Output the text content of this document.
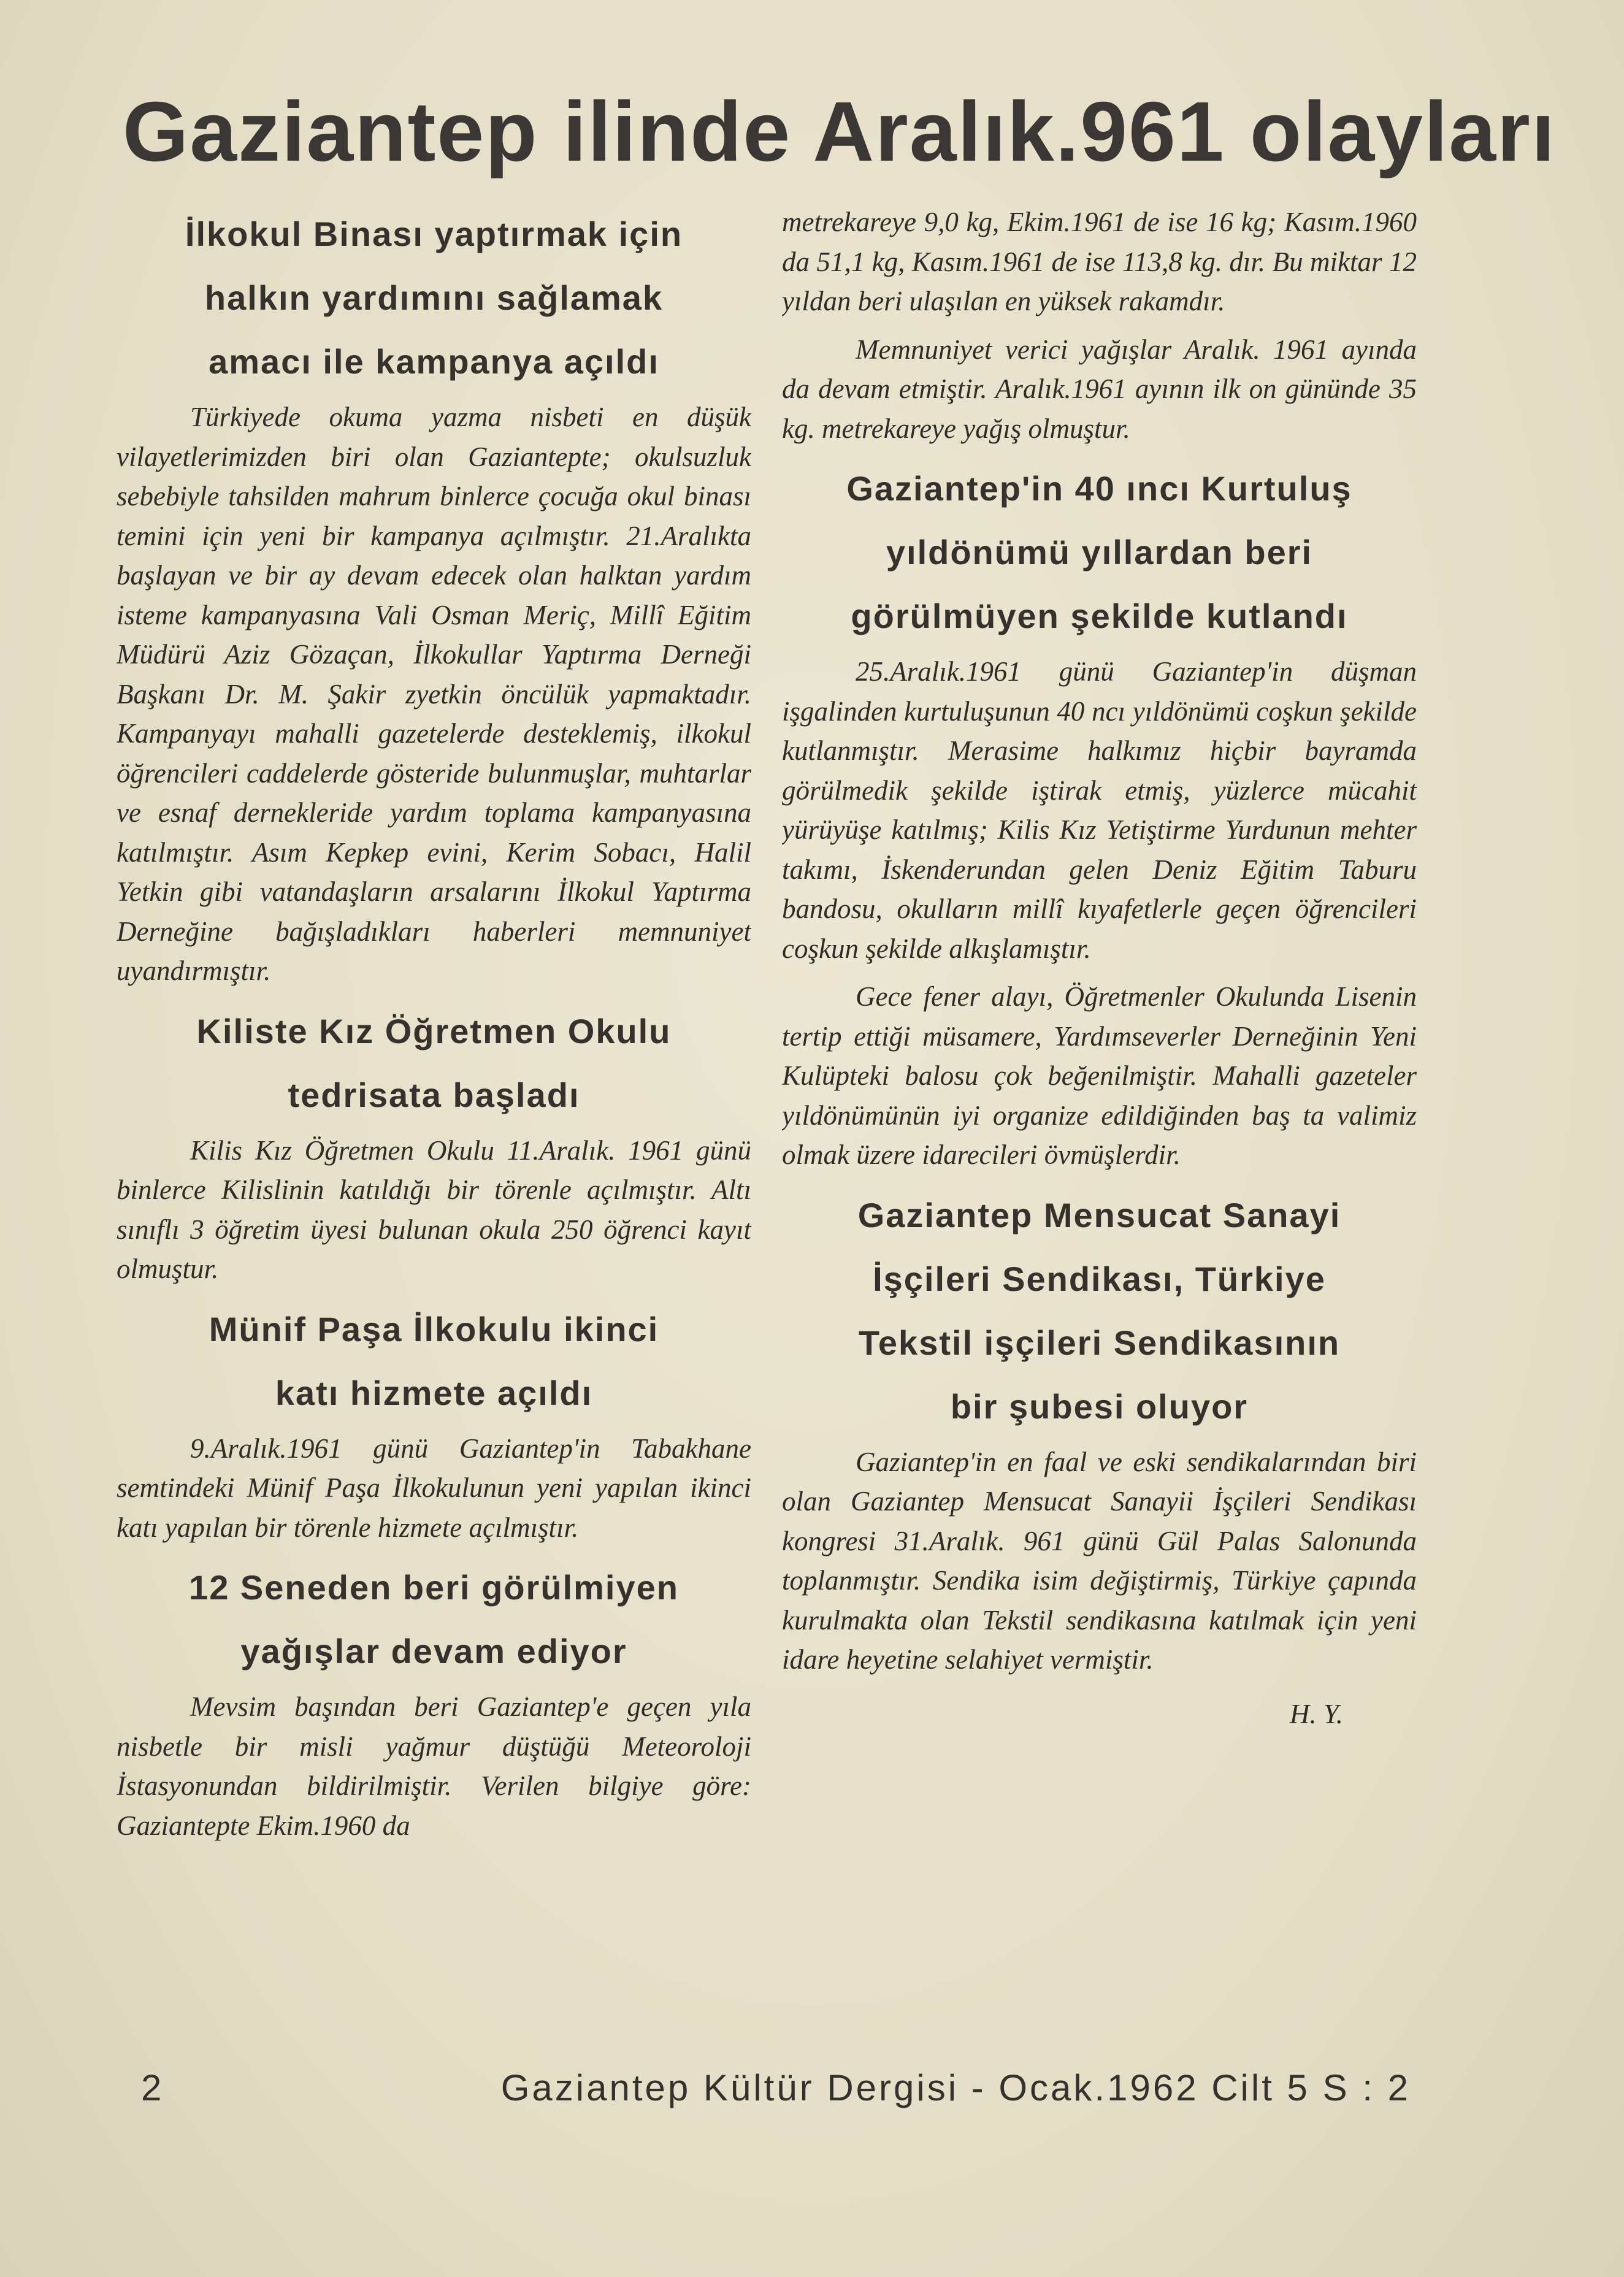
Gaziantep ilinde Aralık.961 olayları
İlkokul Binası yaptırmak için
halkın yardımını sağlamak
amacı ile kampanya açıldı

Türkiyede okuma yazma nisbeti en düşük vilayetlerimizden biri olan Gaziantepte; okulsuzluk sebebiyle tahsilden mahrum binlerce çocuğa okul binası temini için yeni bir kampanya açılmıştır. 21.Aralıkta başlayan ve bir ay devam edecek olan halktan yardım isteme kampanyasına Vali Osman Meriç, Millî Eğitim Müdürü Aziz Gözaçan, İlkokullar Yaptırma Derneği Başkanı Dr. M. Şakir zyetkin öncülük yapmaktadır. Kampanyayı mahalli gazetelerde desteklemiş, ilkokul öğrencileri caddelerde gösteride bulunmuşlar, muhtarlar ve esnaf dernekleride yardım toplama kampanyasına katılmıştır. Asım Kepkep evini, Kerim Sobacı, Halil Yetkin gibi vatandaşların arsalarını İlkokul Yaptırma Derneğine bağışladıkları haberleri memnuniyet uyandırmıştır.

Kiliste Kız Öğretmen Okulu
tedrisata başladı

Kilis Kız Öğretmen Okulu 11.Aralık. 1961 günü binlerce Kilislinin katıldığı bir törenle açılmıştır. Altı sınıflı 3 öğretim üyesi bulunan okula 250 öğrenci kayıt olmuştur.

Münif Paşa İlkokulu ikinci
katı hizmete açıldı

9.Aralık.1961 günü Gaziantep'in Tabakhane semtindeki Münif Paşa İlkokulunun yeni yapılan ikinci katı yapılan bir törenle hizmete açılmıştır.

12 Seneden beri görülmiyen
yağışlar devam ediyor

Mevsim başından beri Gaziantep'e geçen yıla nisbetle bir misli yağmur düştüğü Meteoroloji İstasyonundan bildirilmiştir. Verilen bilgiye göre: Gaziantepte Ekim.1960 da

metrekareye 9,0 kg, Ekim.1961 de ise 16 kg; Kasım.1960 da 51,1 kg, Kasım.1961 de ise 113,8 kg. dır. Bu miktar 12 yıldan beri ulaşılan en yüksek rakamdır.

Memnuniyet verici yağışlar Aralık. 1961 ayında da devam etmiştir. Aralık.1961 ayının ilk on gününde 35 kg. metrekareye yağış olmuştur.

Gaziantep'in 40 ıncı Kurtuluş
yıldönümü yıllardan beri
görülmüyen şekilde kutlandı

25.Aralık.1961 günü Gaziantep'in düşman işgalinden kurtuluşunun 40 ncı yıldönümü coşkun şekilde kutlanmıştır. Merasime halkımız hiçbir bayramda görülmedik şekilde iştirak etmiş, yüzlerce mücahit yürüyüşe katılmış; Kilis Kız Yetiştirme Yurdunun mehter takımı, İskenderundan gelen Deniz Eğitim Taburu bandosu, okulların millî kıyafetlerle geçen öğrencileri coşkun şekilde alkışlamıştır.

Gece fener alayı, Öğretmenler Okulunda Lisenin tertip ettiği müsamere, Yardımseverler Derneğinin Yeni Kulüpteki balosu çok beğenilmiştir. Mahalli gazeteler yıldönümünün iyi organize edildiğinden baş ta valimiz olmak üzere idarecileri övmüşlerdir.

Gaziantep Mensucat Sanayi
İşçileri Sendikası, Türkiye
Tekstil işçileri Sendikasının
bir şubesi oluyor

Gaziantep'in en faal ve eski sendikalarından biri olan Gaziantep Mensucat Sanayii İşçileri Sendikası kongresi 31.Aralık. 961 günü Gül Palas Salonunda toplanmıştır. Sendika isim değiştirmiş, Türkiye çapında kurulmakta olan Tekstil sendikasına katılmak için yeni idare heyetine selahiyet vermiştir.

H. Y.

2	Gaziantep Kültür Dergisi - Ocak.1962 Cilt 5 S : 2
